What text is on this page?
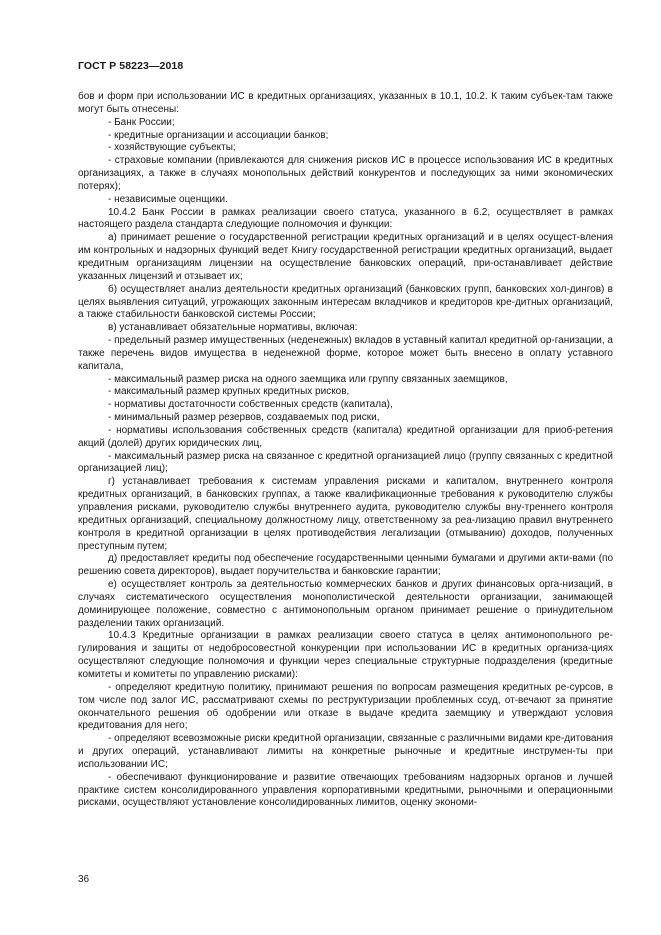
ГОСТ Р 58223—2018

бов и форм при использовании ИС в кредитных организациях, указанных в 10.1, 10.2. К таким субъек-там также могут быть отнесены:

- Банк России;

- кредитные организации и ассоциации банков;

- хозяйствующие субъекты;

- страховые компании (привлекаются для снижения рисков ИС в процессе использования ИС в кредитных организациях, а также в случаях монопольных действий конкурентов и последующих за ними экономических потерях);

- независимые оценщики.

10.4.2 Банк России в рамках реализации своего статуса, указанного в 6.2, осуществляет в рамках настоящего раздела стандарта следующие полномочия и функции:

а) принимает решение о государственной регистрации кредитных организаций и в целях осущест-вления им контрольных и надзорных функций ведет Книгу государственной регистрации кредитных организаций, выдает кредитным организациям лицензии на осуществление банковских операций, при-останавливает действие указанных лицензий и отзывает их;

б) осуществляет анализ деятельности кредитных организаций (банковских групп, банковских хол-дингов) в целях выявления ситуаций, угрожающих законным интересам вкладчиков и кредиторов кре-дитных организаций, а также стабильности банковской системы России;

в) устанавливает обязательные нормативы, включая:

- предельный размер имущественных (неденежных) вкладов в уставный капитал кредитной ор-ганизации, а также перечень видов имущества в неденежной форме, которое может быть внесено в оплату уставного капитала,

- максимальный размер риска на одного заемщика или группу связанных заемщиков,

- максимальный размер крупных кредитных рисков,

- нормативы достаточности собственных средств (капитала),

- минимальный размер резервов, создаваемых под риски,

- нормативы использования собственных средств (капитала) кредитной организации для приоб-ретения акций (долей) других юридических лиц,

- максимальный размер риска на связанное с кредитной организацией лицо (группу связанных с кредитной организацией лиц);

г) устанавливает требования к системам управления рисками и капиталом, внутреннего контроля кредитных организаций, в банковских группах, а также квалификационные требования к руководителю службы управления рисками, руководителю службы внутреннего аудита, руководителю службы вну-треннего контроля кредитных организаций, специальному должностному лицу, ответственному за реа-лизацию правил внутреннего контроля в кредитной организации в целях противодействия легализации (отмыванию) доходов, полученных преступным путем;

д) предоставляет кредиты под обеспечение государственными ценными бумагами и другими акти-вами (по решению совета директоров), выдает поручительства и банковские гарантии;

е) осуществляет контроль за деятельностью коммерческих банков и других финансовых орга-низаций, в случаях систематического осуществления монополистической деятельности организации, занимающей доминирующее положение, совместно с антимонопольным органом принимает решение о принудительном разделении таких организаций.

10.4.3 Кредитные организации в рамках реализации своего статуса в целях антимонопольного ре-гулирования и защиты от недобросовестной конкуренции при использовании ИС в кредитных организа-циях осуществляют следующие полномочия и функции через специальные структурные подразделения (кредитные комитеты и комитеты по управлению рисками):

- определяют кредитную политику, принимают решения по вопросам размещения кредитных ре-сурсов, в том числе под залог ИС, рассматривают схемы по реструктуризации проблемных ссуд, от-вечают за принятие окончательного решения об одобрении или отказе в выдаче кредита заемщику и утверждают условия кредитования для него;

- определяют всевозможные риски кредитной организации, связанные с различными видами кре-дитования и других операций, устанавливают лимиты на конкретные рыночные и кредитные инструмен-ты при использовании ИС;

- обеспечивают функционирование и развитие отвечающих требованиям надзорных органов и лучшей практике систем консолидированного управления корпоративными кредитными, рыночными и операционными рисками, осуществляют установление консолидированных лимитов, оценку экономи-

36
